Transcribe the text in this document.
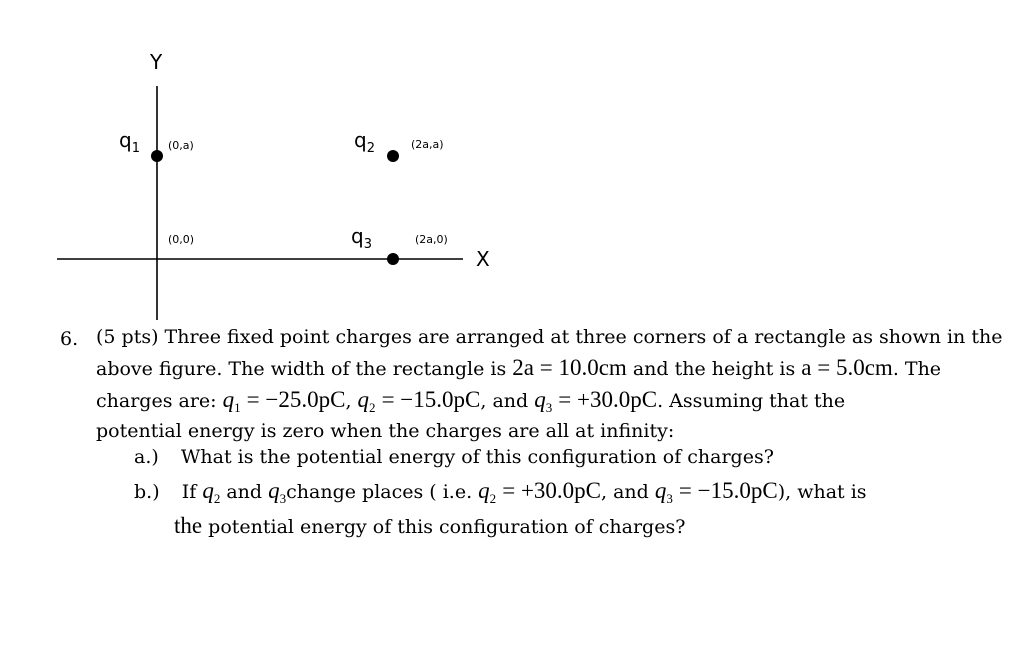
Y
X
$q_1$	$q_2$
$q_3$
(0,a)	(2a,a)
(0,0)	(2a,0)
6. (5 pts) Three fixed point charges are arranged at three corners of a rectangle as shown in the
above figure. The width of the rectangle is 2a = 10.0cm and the height is a = 5.0cm. The
charges are: $q_1 = -25.0pC$, $q_2 = -15.0pC$, and $q_3 = +30.0pC$. Assuming that the
potential energy is zero when the charges are all at infinity:
a.) What is the potential energy of this configuration of charges?
b.) If $q_2$ and $q_3change$ places ( i.e. $q_2 = +30.0pC$, and $q_3 = -15.0pC$), what is
the potential energy of this configuration of charges?
